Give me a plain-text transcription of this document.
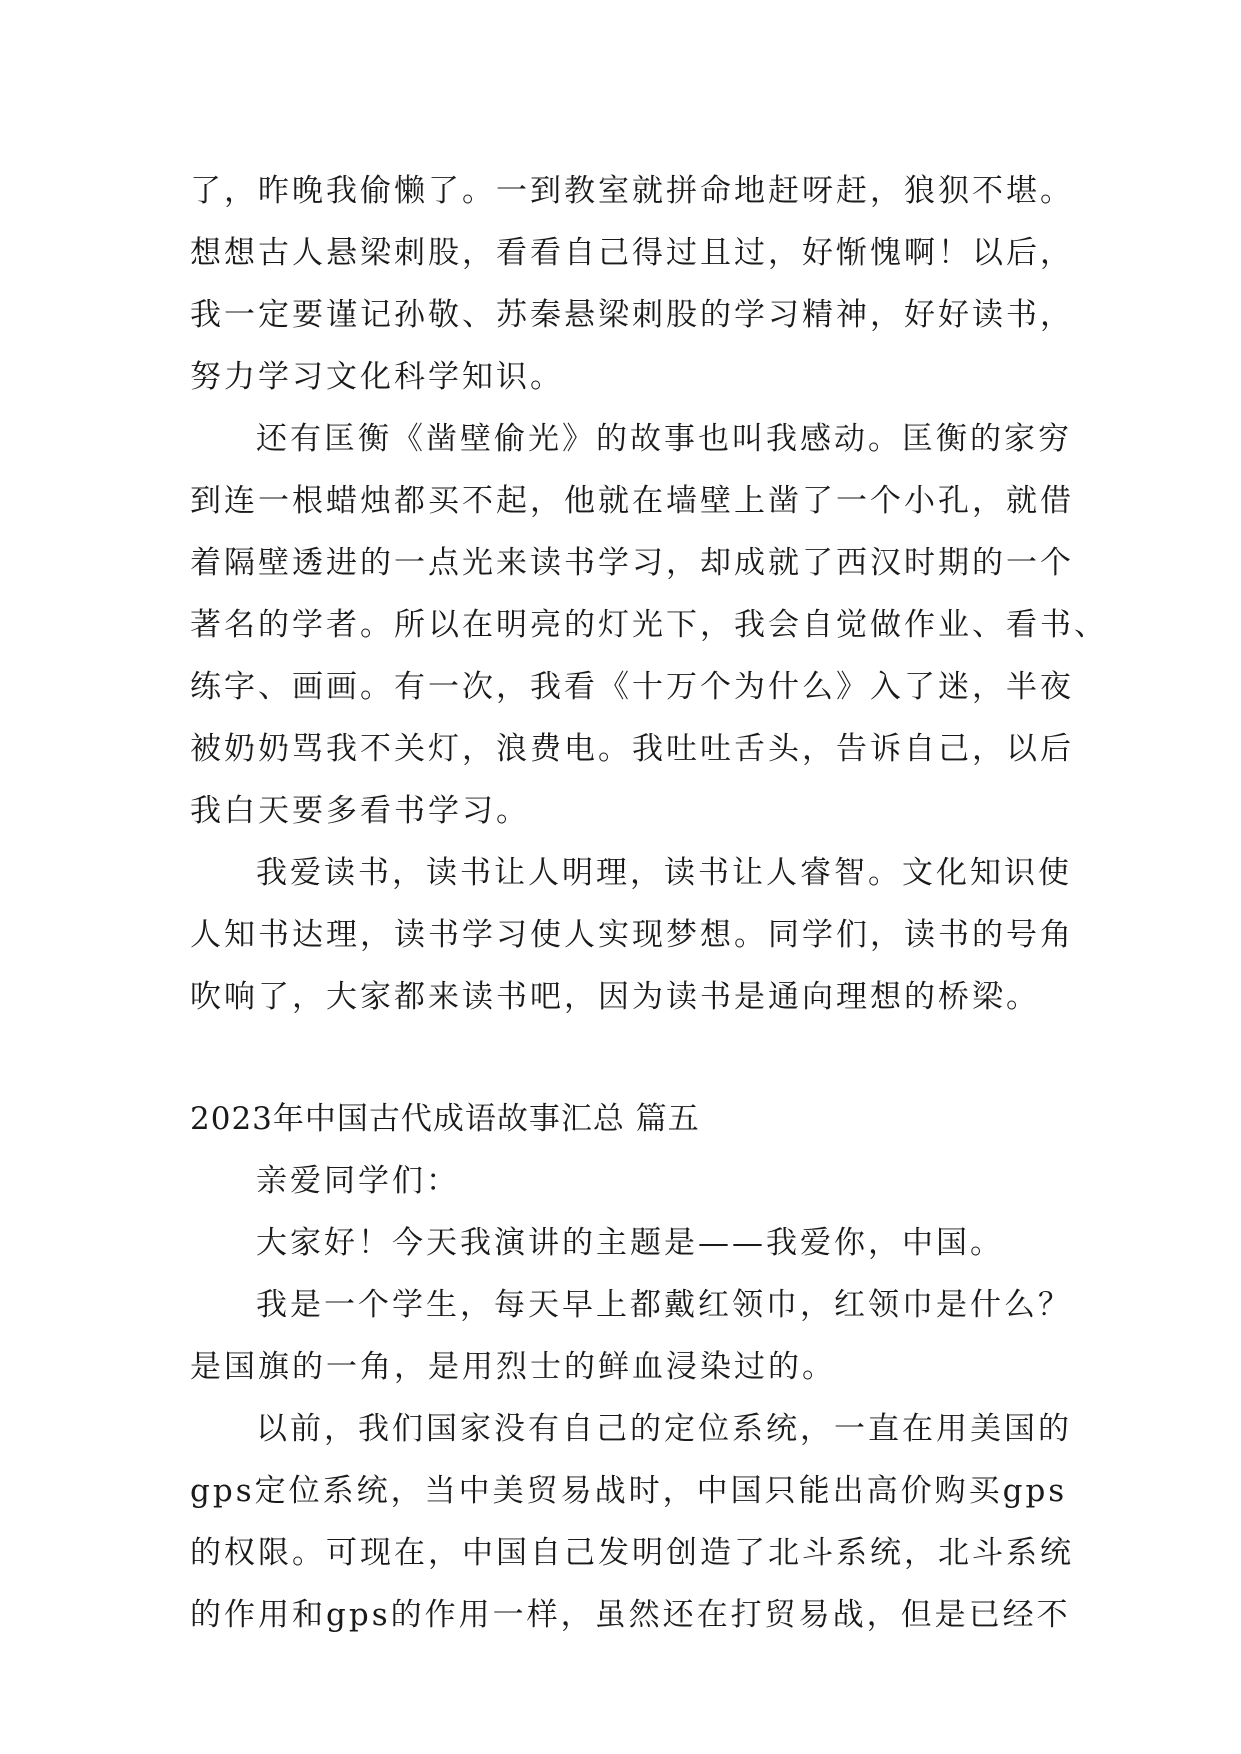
了，昨晚我偷懒了。一到教室就拼命地赶呀赶，狼狈不堪。
想想古人悬梁刺股，看看自己得过且过，好惭愧啊！以后，
我一定要谨记孙敬、苏秦悬梁刺股的学习精神，好好读书，
努力学习文化科学知识。
还有匡衡《凿壁偷光》的故事也叫我感动。匡衡的家穷
到连一根蜡烛都买不起，他就在墙壁上凿了一个小孔，就借
着隔壁透进的一点光来读书学习，却成就了西汉时期的一个
著名的学者。所以在明亮的灯光下，我会自觉做作业、看书、
练字、画画。有一次，我看《十万个为什么》入了迷，半夜
被奶奶骂我不关灯，浪费电。我吐吐舌头，告诉自己，以后
我白天要多看书学习。
我爱读书，读书让人明理，读书让人睿智。文化知识使
人知书达理，读书学习使人实现梦想。同学们，读书的号角
吹响了，大家都来读书吧，因为读书是通向理想的桥梁。
2023年中国古代成语故事汇总 篇五
亲爱同学们：
大家好！今天我演讲的主题是——我爱你，中国。
我是一个学生，每天早上都戴红领巾，红领巾是什么？
是国旗的一角，是用烈士的鲜血浸染过的。
以前，我们国家没有自己的定位系统，一直在用美国的
gps定位系统，当中美贸易战时，中国只能出高价购买gps
的权限。可现在，中国自己发明创造了北斗系统，北斗系统
的作用和gps的作用一样，虽然还在打贸易战，但是已经不
